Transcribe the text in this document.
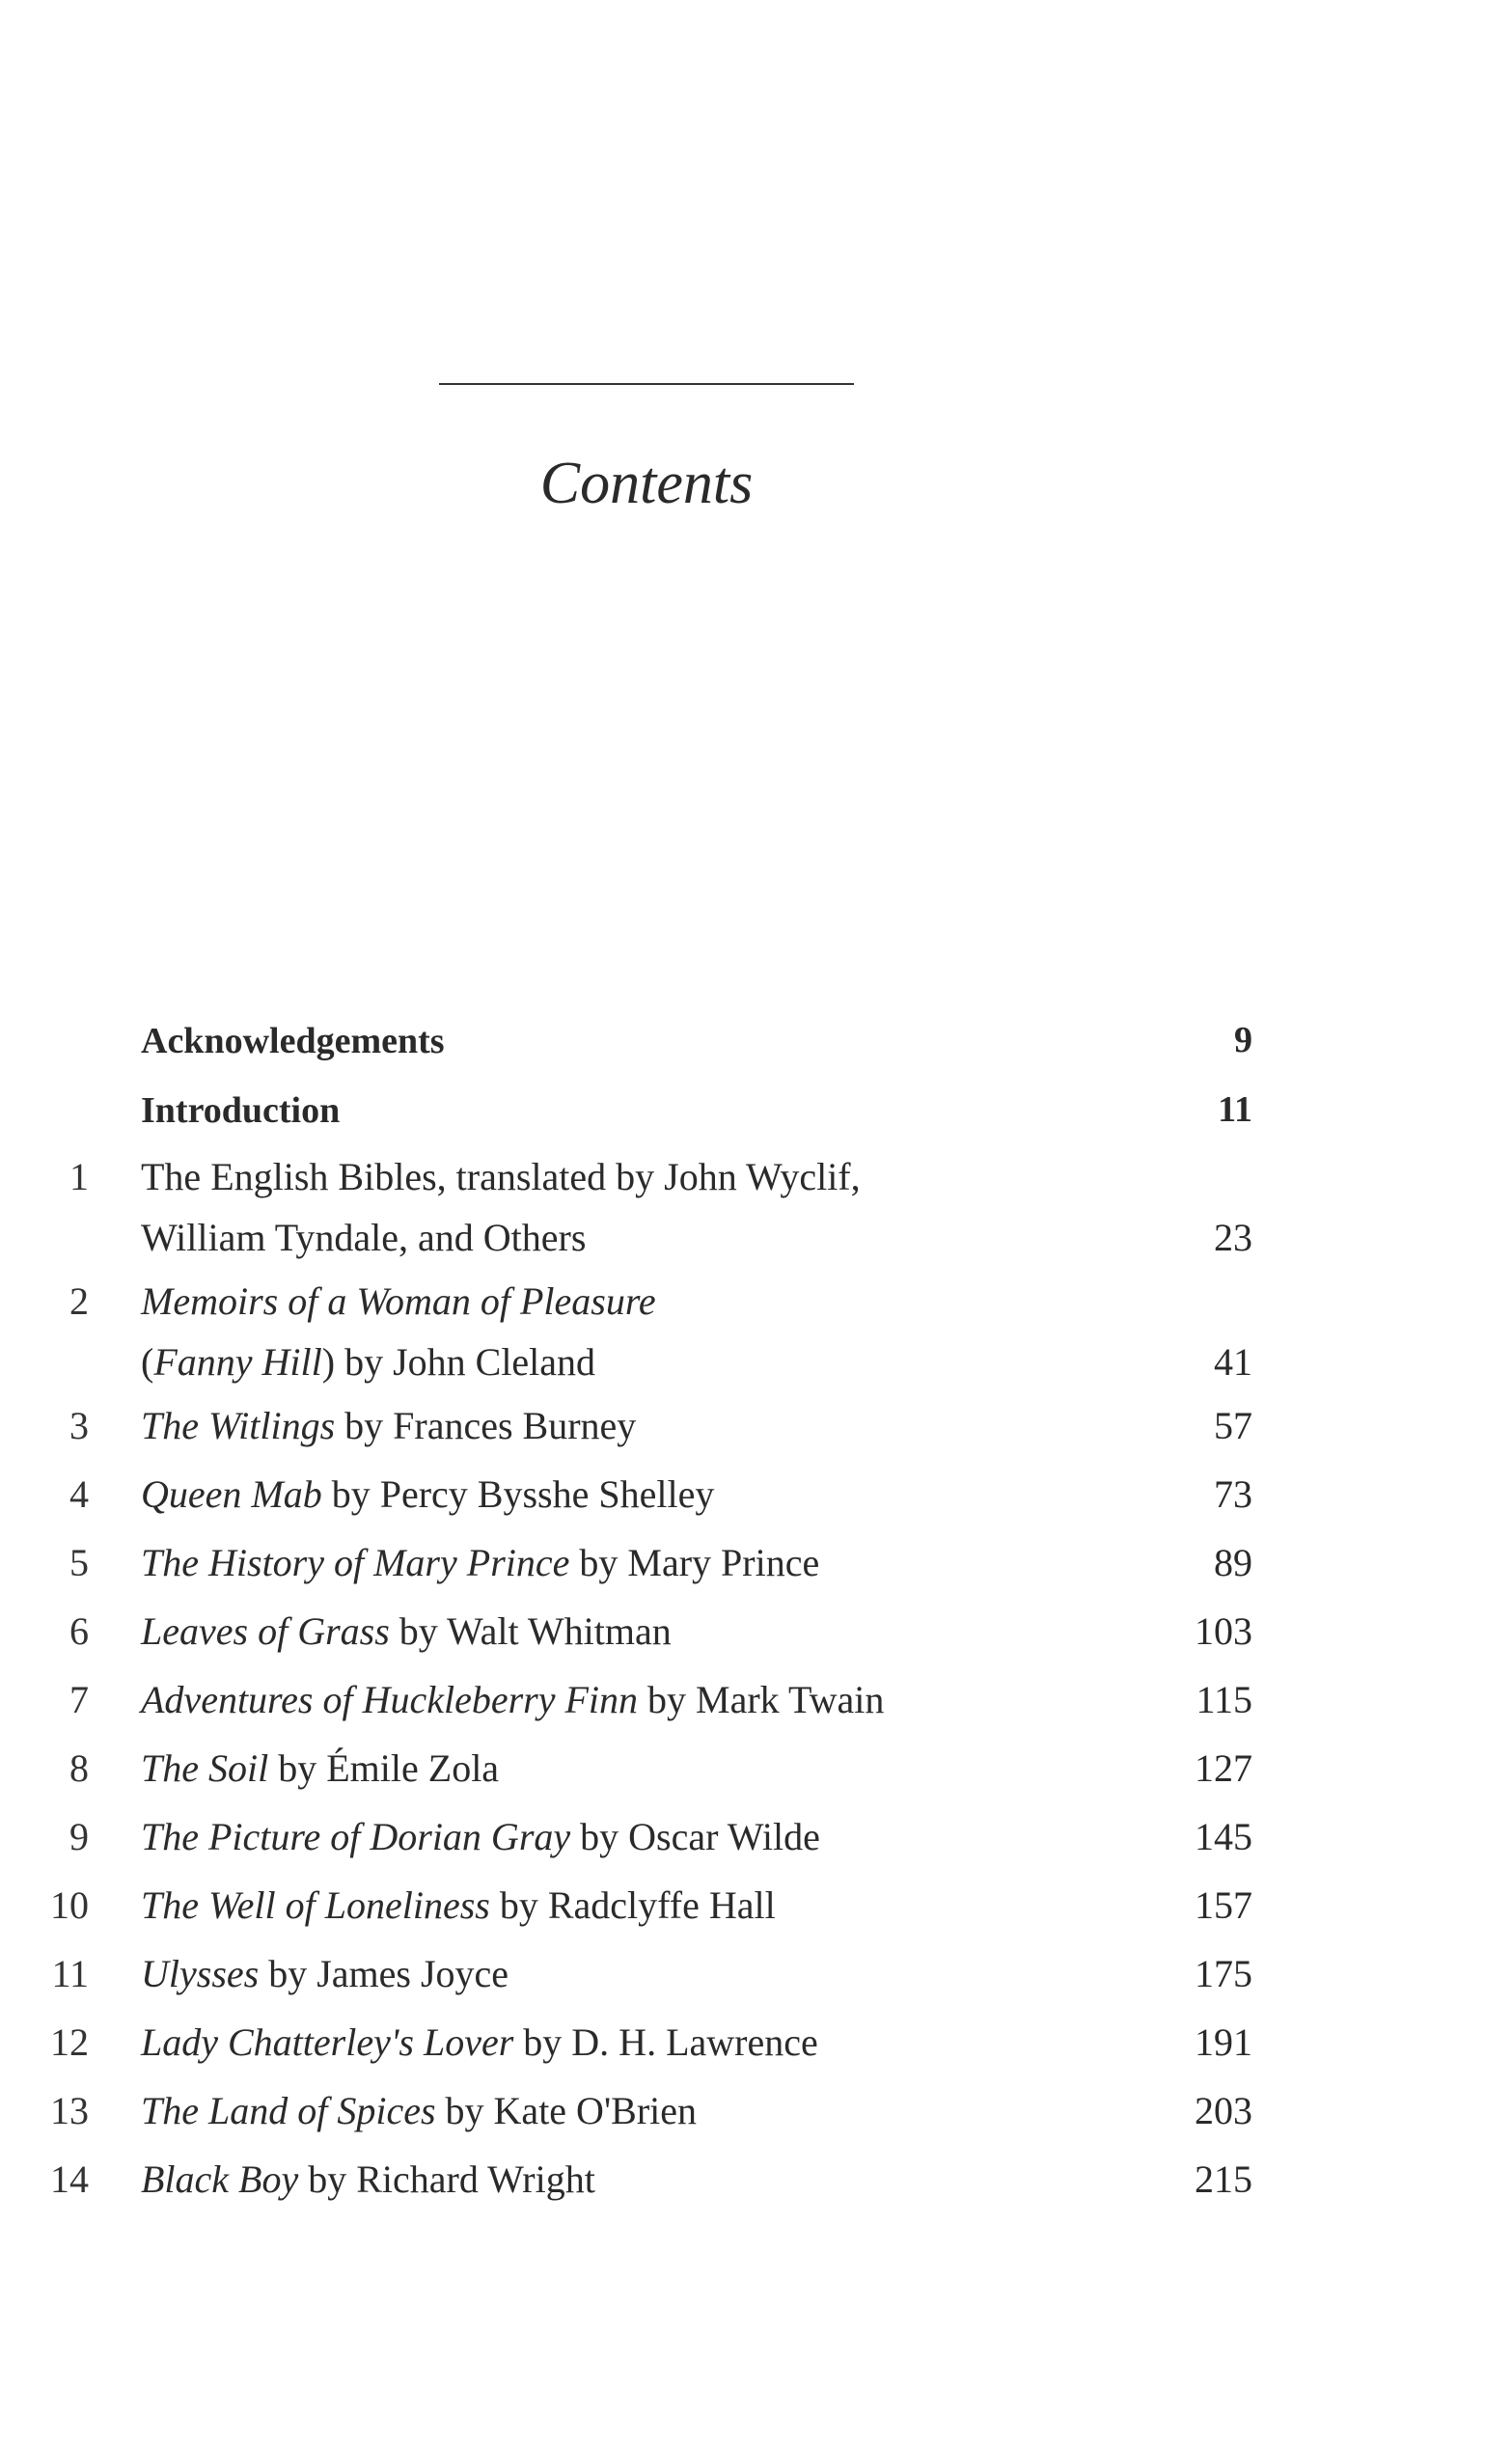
Contents
Acknowledgements	9
Introduction	11
1 The English Bibles, translated by John Wyclif,
William Tyndale, and Others	23
2 Memoirs of a Woman of Pleasure
(Fanny Hill) by John Cleland	41
3 The Witlings by Frances Burney	57
4 Queen Mab by Percy Bysshe Shelley	73
5 The History of Mary Prince by Mary Prince	89
6 Leaves of Grass by Walt Whitman	103
7 Adventures of Huckleberry Finn by Mark Twain	115
8 The Soil by Émile Zola	127
9 The Picture of Dorian Gray by Oscar Wilde	145
10 The Well of Loneliness by Radclyffe Hall	157
11 Ulysses by James Joyce	175
12 Lady Chatterley's Lover by D. H. Lawrence	191
13 The Land of Spices by Kate O'Brien	203
14 Black Boy by Richard Wright	215
